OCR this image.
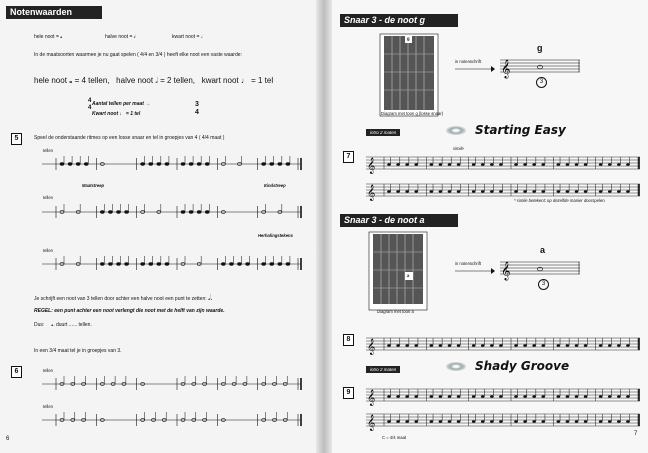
Notenwaarden
hele noot = 𝅝	halve noot = 𝅗𝅥	kwart noot = ♩
In de maatsoorten waarmee je nu gaat spelen ( 4/4 en 3/4 ) heeft elke noot een vaste waarde:
hele noot 𝅝 = 4 tellen, halve noot 𝅗𝅥 = 2 tellen, kwart noot ♩ = 1 tel
Aantal tellen per maat →
Kwart noot ♩ = 1 tel
4
4	3
4
5	Speel de onderstaande ritmes op een losse snaar en tel in groepjes van 4 ( 4/4 maat )
tellen
tellen
tellen
Maatstreep	Eindstreep
Herhalingstekens
Je schrijft een noot van 3 tellen door achter een halve noot een punt te zetten: 𝅗𝅥.
REGEL: een punt achter een noot verlengt die noot met de helft van zijn waarde.
Dus: 𝅝. duurt ...... tellen.
In een 3/4 maat tel je in groepjes van 3.
6	tellen
tellen
6
Snaar 3 - de noot g
g
Diagram met toon g (losse snaar)
in notenschrift 𝄞
g
3
intro 2 maten	Starting Easy
7
simile
𝄞
𝄞	* simile betekent: op dezelfde manier doorspelen.
Snaar 3 - de noot a
a
Diagram met toon a
in notenschrift 𝄞
a
3
8 𝄞
intro 2 maten	Shady Groove
9 𝄞
𝄞
C = 4/4 maat
7
